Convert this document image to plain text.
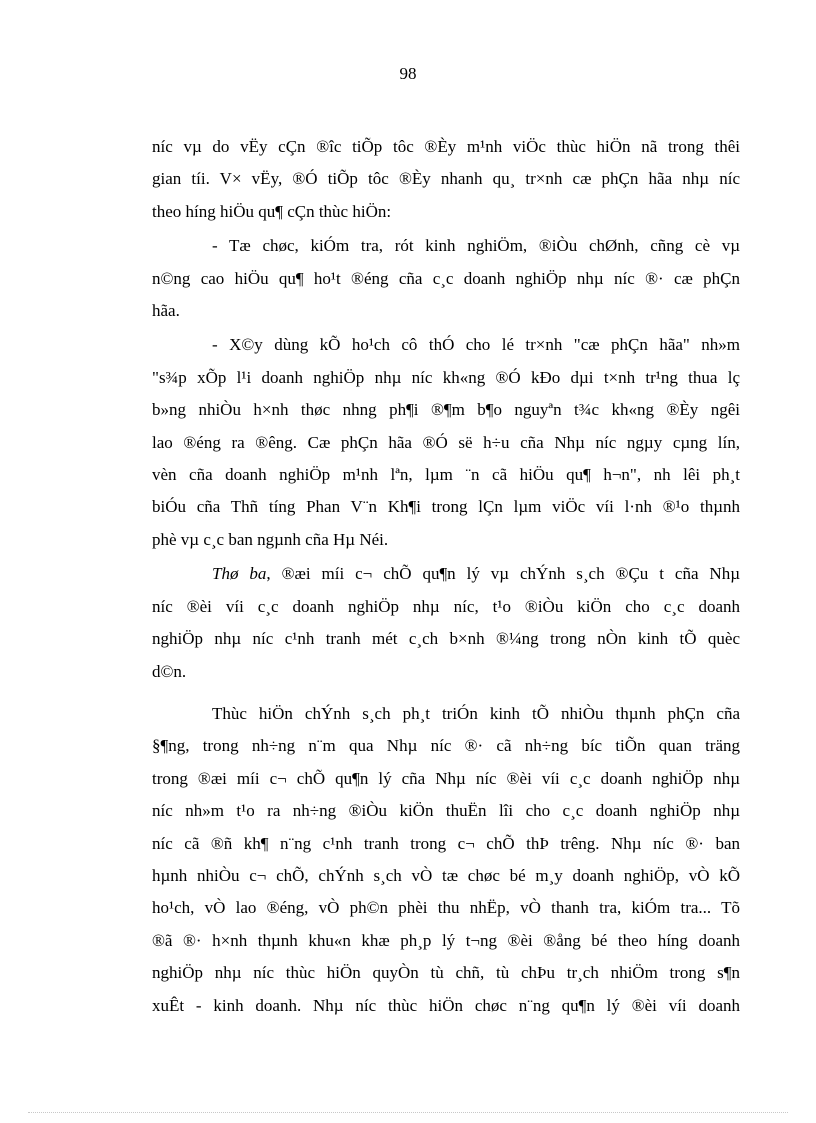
98
níc vµ do vËy cÇn ®îc tiÕp tôc ®Èy m¹nh viÖc thùc hiÖn nã trong thêi
gian tíi. V× vËy, ®Ó tiÕp tôc ®Èy nhanh qu¸ tr×nh cæ phÇn hãa nhµ níc
theo híng hiÖu qu¶ cÇn thùc hiÖn:
- Tæ chøc, kiÓm tra, rót kinh nghiÖm, ®iÒu chØnh, cñng cè vµ
n©ng cao hiÖu qu¶ ho¹t ®éng cña c¸c doanh nghiÖp nhµ níc ®· cæ phÇn
hãa.
- X©y dùng kÕ ho¹ch cô thÓ cho lé tr×nh "cæ phÇn hãa" nh»m
"s¾p xÕp l¹i doanh nghiÖp nhµ níc kh«ng ®Ó kÐo dµi t×nh tr¹ng thua lç
b»ng nhiÒu h×nh thøc nhng ph¶i ®¶m b¶o nguyªn t¾c kh«ng ®Èy ngêi
lao ®éng ra ®êng. Cæ phÇn hãa ®Ó së h÷u cña Nhµ níc ngµy cµng lín,
vèn cña doanh nghiÖp m¹nh lªn, lµm ¨n cã hiÖu qu¶ h¬n", nh lêi ph¸t
biÓu cña Thñ tíng Phan V¨n Kh¶i trong lÇn lµm viÖc víi l·nh ®¹o thµnh
phè vµ c¸c ban ngµnh cña Hµ Néi.
Thø ba, ®æi míi c¬ chÕ qu¶n lý vµ chÝnh s¸ch ®Çu t cña Nhµ
níc ®èi víi c¸c doanh nghiÖp nhµ níc, t¹o ®iÒu kiÖn cho c¸c doanh
nghiÖp nhµ níc c¹nh tranh mét c¸ch b×nh ®¼ng trong nÒn kinh tÕ quèc
d©n.
Thùc hiÖn chÝnh s¸ch ph¸t triÓn kinh tÕ nhiÒu thµnh phÇn cña
§¶ng, trong nh÷ng n¨m qua Nhµ níc ®· cã nh÷ng bíc tiÕn quan träng
trong ®æi míi c¬ chÕ qu¶n lý cña Nhµ níc ®èi víi c¸c doanh nghiÖp nhµ
níc nh»m t¹o ra nh÷ng ®iÒu kiÖn thuËn lîi cho c¸c doanh nghiÖp nhµ
níc cã ®ñ kh¶ n¨ng c¹nh tranh trong c¬ chÕ thÞ trêng. Nhµ níc ®· ban
hµnh nhiÒu c¬ chÕ, chÝnh s¸ch vÒ tæ chøc bé m¸y doanh nghiÖp, vÒ kÕ
ho¹ch, vÒ lao ®éng, vÒ ph©n phèi thu nhËp, vÒ thanh tra, kiÓm tra... Tõ
®ã ®· h×nh thµnh khu«n khæ ph¸p lý t¬ng ®èi ®ång bé theo híng doanh
nghiÖp nhµ níc thùc hiÖn quyÒn tù chñ, tù chÞu tr¸ch nhiÖm trong s¶n
xuÊt - kinh doanh. Nhµ níc thùc hiÖn chøc n¨ng qu¶n lý ®èi víi doanh
